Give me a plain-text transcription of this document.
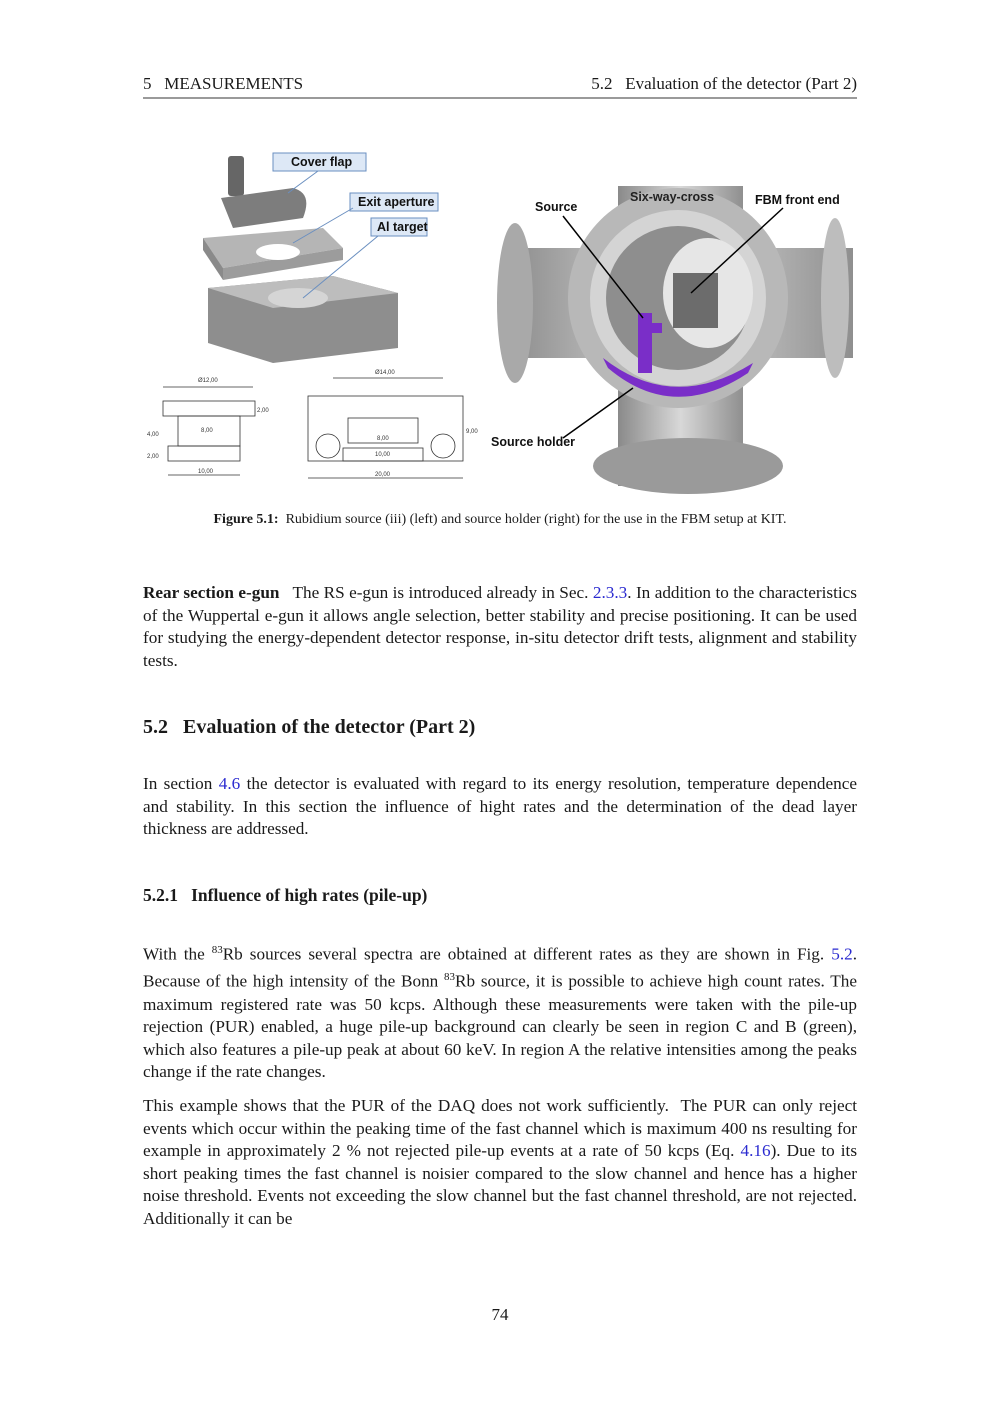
5   MEASUREMENTS	5.2   Evaluation of the detector (Part 2)
Cover flap
Exit aperture
Al target
Ø12,00
Ø14,00
2,00
4,00
2,00
8,00
10,00
8,00
10,00
20,00
9,00
Source
Six-way-cross	FBM front end
Source holder
Figure 5.1: Rubidium source (iii) (left) and source holder (right) for the use in the FBM setup at KIT.

Rear section e-gun   The RS e-gun is introduced already in Sec. 2.3.3. In addition to the characteristics of the Wuppertal e-gun it allows angle selection, better stability and precise positioning. It can be used for studying the energy-dependent detector response, in-situ detector drift tests, alignment and stability tests.

5.2 Evaluation of the detector (Part 2)

In section 4.6 the detector is evaluated with regard to its energy resolution, temperature dependence and stability. In this section the influence of hight rates and the determination of the dead layer thickness are addressed.

5.2.1 Influence of high rates (pile-up)

With the $^{83}$Rb sources several spectra are obtained at different rates as they are shown in Fig. 5.2. Because of the high intensity of the Bonn $^{83}$Rb source, it is possible to achieve high count rates. The maximum registered rate was 50 kcps. Although these measurements were taken with the pile-up rejection (PUR) enabled, a huge pile-up background can clearly be seen in region C and B (green), which also features a pile-up peak at about 60 keV. In region A the relative intensities among the peaks change if the rate changes.

This example shows that the PUR of the DAQ does not work sufficiently.  The PUR can only reject events which occur within the peaking time of the fast channel which is maximum 400 ns resulting for example in approximately 2 % not rejected pile-up events at a rate of 50 kcps (Eq. 4.16). Due to its short peaking times the fast channel is noisier compared to the slow channel and hence has a higher noise threshold. Events not exceeding the slow channel but the fast channel threshold, are not rejected. Additionally it can be

74
